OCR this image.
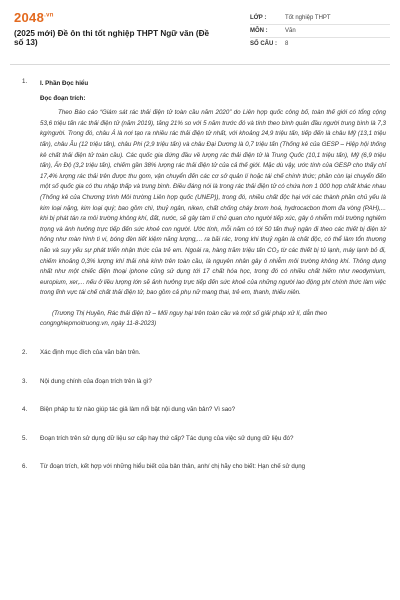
$2048^{.vn}$
(2025 mới) Đề ôn thi tốt nghiệp THPT Ngữ văn (Đề số 13)
LỚP :	Tốt nghiệp THPT
MÔN :	Văn
SỐ CÂU :	8
1.	I. Phần Đọc hiểu
Đọc đoạn trích:
Theo Báo cáo “Giám sát rác thải điện tử toàn cầu năm 2020” do Liên hợp quốc công bố, toàn thế giới có tổng cộng 53,6 triệu tấn rác thải điện tử (năm 2019), tăng 21% so với 5 năm trước đó và tính theo bình quân đầu người trung bình là 7,3 kg/người. Trong đó, châu Á là nơi tạo ra nhiều rác thải điện tử nhất, với khoảng 24,9 triệu tấn, tiếp đến là châu Mỹ (13,1 triệu tấn), châu Âu (12 triệu tấn), châu Phi (2,9 triệu tấn) và châu Đại Dương là 0,7 triệu tấn (Thống kê của GESP – Hiệp hội thống kê chất thải điện tử toàn cầu). Các quốc gia đứng đầu về lượng rác thải điện tử là Trung Quốc (10,1 triệu tấn), Mỹ (6,9 triệu tấn), Ấn Độ (3,2 triệu tấn), chiếm gần 38% lượng rác thải điện tử của cả thế giới. Mặc dù vậy, ước tính của GESP cho thấy chỉ 17,4% lượng rác thải trên được thu gom, vận chuyển đến các cơ sở quản lí hoặc tái chế chính thức; phần còn lại chuyển đến một số quốc gia có thu nhập thấp và trung bình. Điều đáng nói là trong rác thải điện tử có chứa hơn 1 000 hợp chất khác nhau (Thống kê của Chương trình Môi trường Liên hợp quốc (UNEP)), trong đó, nhiều chất độc hại với các thành phần chủ yếu là kim loại nặng, kim loại quý; bao gồm chì, thuỷ ngân, niken, chất chống cháy brom hoá, hydrocacbon thơm đa vòng (PAH),... khi bị phát tán ra môi trường không khí, đất, nước, sẽ gây tàm lí chủ quan cho người tiếp xúc, gây ô nhiễm môi trường nghiêm trọng và ảnh hưởng trực tiếp đến sức khoẻ con người. Ước tính, mỗi năm có tới 50 tấn thuỷ ngân đi theo các thiết bị điện tử hỏng như màn hình ti vi, bóng đèn tiết kiệm năng lượng,... ra bãi rác, trong khi thuỷ ngân là chất độc, có thể làm tổn thương não và suy yếu sự phát triển nhận thức của trẻ em. Ngoài ra, hàng trăm triệu tấn CO₂ từ các thiết bị tủ lạnh, máy lạnh bỏ đi, chiếm khoảng 0,3% lượng khí thải nhà kính trên toàn cầu, là nguyên nhân gây ô nhiễm môi trường không khí. Thông dụng nhất như một chiếc điện thoại iphone cũng sử dụng tới 17 chất hóa học, trong đó có nhiều chất hiếm như neodymium, europium, xer,... nếu ở liều lượng lớn sẽ ảnh hưởng trực tiếp đến sức khoẻ của những người lao động phí chính thức làm việc trong lĩnh vực tái chế chất thải điện tử, bao gồm cả phụ nữ mang thai, trẻ em, thanh, thiếu niên.
(Trương Thị Huyền, Rác thải điện tử – Mối nguy hại trên toàn cầu và một số giải pháp xử lí, dẫn theo congnghiepmoitruong.vn, ngày 11-8-2023)
2.	Xác định mục đích của văn bản trên.
3.	Nội dung chính của đoạn trích trên là gì?
4.	Biện pháp tu từ nào giúp tác giả làm nổi bật nội dung văn bản? Vì sao?
5.	Đoạn trích trên sử dụng dữ liệu sơ cấp hay thứ cấp? Tác dụng của việc sử dụng dữ liệu đó?
6.	Từ đoạn trích, kết hợp với những hiểu biết của bản thân, anh/ chị hãy cho biết: Hạn chế sử dụng
